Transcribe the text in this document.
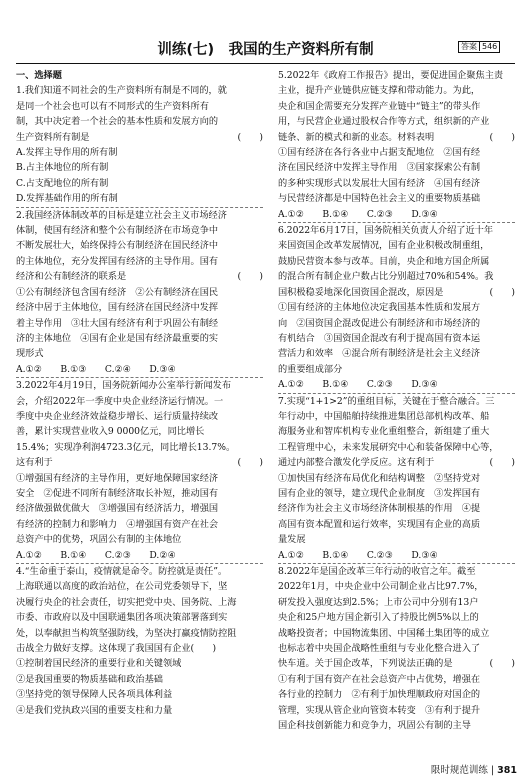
训练(七)　我国的生产资料所有制	答案 546
一、选择题
1.我们知道不同社会的生产资料所有制是不同的，就
是同一个社会也可以有不同形式的生产资料所有
制，其中决定着一个社会的基本性质和发展方向的
(　　)
生产资料所有制是
A.发挥主导作用的所有制
B.占主体地位的所有制
C.占支配地位的所有制
D.发挥基础作用的所有制
2.我国经济体制改革的目标是建立社会主义市场经济
体制，使国有经济和整个公有制经济在市场竞争中
不断发展壮大，始终保持公有制经济在国民经济中
的主体地位，充分发挥国有经济的主导作用。国有
(　　)
经济和公有制经济的联系是
①公有制经济包含国有经济　②公有制经济在国民
经济中居于主体地位，国有经济在国民经济中发挥
着主导作用　③壮大国有经济有利于巩固公有制经
济的主体地位　④国有企业是国有经济最重要的实
现形式
A.①②　　B.①③　　C.②④　　D.③④
3.2022年4月19日，国务院新闻办公室举行新闻发布
会，介绍2022年一季度中央企业经济运行情况。一
季度中央企业经济效益稳步增长、运行质量持续改
善，累计实现营业收入9 0000亿元，同比增长
15.4%；实现净利润4723.3亿元，同比增长13.7%。
(　　)
这有利于
①增强国有经济的主导作用，更好地保障国家经济
安全　②促进不同所有制经济取长补短，推动国有
经济做强做优做大　③增强国有经济活力，增强国
有经济的控制力和影响力　④增强国有资产在社会
总资产中的优势，巩固公有制的主体地位
A.①②　　B.①④　　C.②③　　D.②④
4.“生命重于泰山，疫情就是命令。防控就是责任”。
上海联通以高度的政治站位，在公司党委领导下，坚
决履行央企的社会责任，切实把党中央、国务院、上海
市委、市政府以及中国联通集团各项决策部署落到实
处，以奉献担当构筑坚强防线，为坚决打赢疫情防控阻
击战全力做好支撑。这体现了我国国有企业(　　)
①控制着国民经济的重要行业和关键领域
②是我国重要的物质基础和政治基础
③坚持党的领导保障人民各项具体利益
④是我们党执政兴国的重要支柱和力量
5.2022年《政府工作报告》提出，要促进国企聚焦主责
主业，提升产业链供应链支撑和带动能力。为此，
央企和国企需要充分发挥产业链中“链主”的带头作
用，与民营企业通过股权合作等方式，组织新的产业
(　　)
链条、新的模式和新的业态。材料表明
①国有经济在各行各业中占据支配地位　②国有经
济在国民经济中发挥主导作用　③国家探索公有制
的多种实现形式以发展壮大国有经济　④国有经济
与民营经济都是中国特色社会主义的重要物质基础
A.①②　　B.①④　　C.②③　　D.③④
6.2022年6月17日，国务院相关负责人介绍了近十年
来国资国企改革发展情况，国有企业积极改制重组，
鼓励民营资本参与改革。目前，央企和地方国企所属
的混合所有制企业户数占比分别超过70%和54%。我
(　　)
国积极稳妥地深化国资国企混改，原因是
①国有经济的主体地位决定我国基本性质和发展方
向　②国资国企混改促进公有制经济和市场经济的
有机结合　③国资国企混改有利于提高国有资本运
营活力和效率　④混合所有制经济是社会主义经济
的重要组成部分
A.①②　　B.①④　　C.②③　　D.③④
7.实现“1+1>2”的重组目标，关键在于整合融合。三
年行动中，中国船舶持续推进集团总部机构改革、船
海服务业和智库机构专业化重组整合，新组建了重大
工程管理中心，未来发展研究中心和装备保障中心等，
(　　)
通过内部整合激发化学反应。这有利于
①加快国有经济布局优化和结构调整　②坚持党对
国有企业的领导，建立现代企业制度　③发挥国有
经济作为社会主义市场经济体制根基的作用　④提
高国有资本配置和运行效率，实现国有企业的高质
量发展
A.①②　　B.①④　　C.②③　　D.③④
8.2022年是国企改革三年行动的收官之年。截至
2022年1月，中央企业中公司制企业占比97.7%，
研发投入强度达到2.5%；上市公司中分别有13户
央企和25户地方国企新引入了持股比例5%以上的
战略投资者；中国物流集团、中国稀土集团等的成立
也标志着中央国企战略性重组与专业化整合进入了
(　　)
快车道。关于国企改革，下列说法正确的是
①有利于国有资产在社会总资产中占优势，增强在
各行业的控制力　②有利于加快理顺政府对国企的
管理，实现从管企业向管资本转变　③有利于提升
国企科技创新能力和竞争力，巩固公有制的主导
限时规范训练 | 381
